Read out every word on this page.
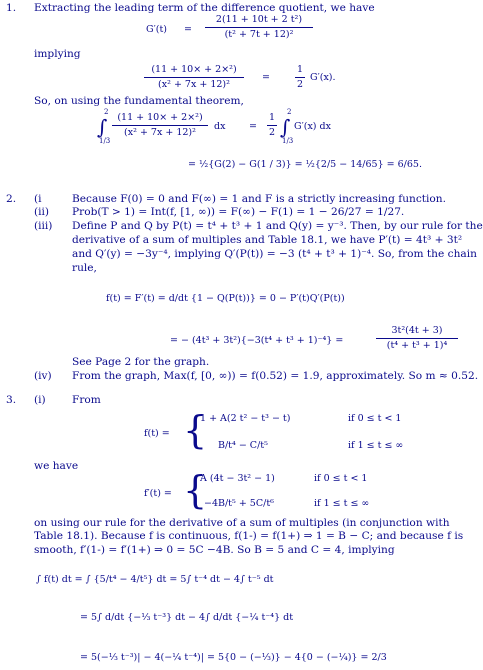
1. Extracting the leading term of the difference quotient, we have
G′(t) =
2(11 + 10t + 2 t²)
(t² + 7t + 12)²
implying
(11 + 10× + 2×²)
(x² + 7x + 12)²
=
1
2
G′(x).
So, on using the fundamental theorem,
∫
2
1/3
(11 + 10× + 2×²)
(x² + 7x + 12)²
dx =
1
2 ∫
2
1/3
G′(x) dx
= ½{G(2) − G(1 / 3)} = ½{2/5 − 14/65} = 6/65.
2. (i	Because F(0) = 0 and F(∞) = 1 and F is a strictly increasing function.
(ii) Prob(T > 1) = Int(f, [1, ∞)) = F(∞) − F(1) = 1 − 26/27 = 1/27.
(iii) Define P and Q by P(t) = t⁴ + t³ + 1 and Q(y) = y⁻³. Then, by our rule for the
derivative of a sum of multiples and Table 18.1, we have P′(t) = 4t³ + 3t²
and Q′(y) = −3y⁻⁴, implying Q′(P(t)) = −3 (t⁴ + t³ + 1)⁻⁴. So, from the chain
rule,
f(t) = F′(t) = d/dt {1 − Q(P(t))} = 0 − P′(t)Q′(P(t))
= − (4t³ + 3t²){−3(t⁴ + t³ + 1)⁻⁴} =
3t²(4t + 3)
(t⁴ + t³ + 1)⁴
See Page 2 for the graph.
(iv) From the graph, Max(f, [0, ∞)) = f(0.52) = 1.9, approximately. So m ≈ 0.52.
3. (i) From
f(t) = {
1 + A(2 t² − t³ − t)	if 0 ≤ t < 1
B/t⁴ − C/t⁵	if 1 ≤ t ≤ ∞
we have
f′(t) = {
A (4t − 3t² − 1)	if 0 ≤ t < 1
−4B/t⁵ + 5C/t⁶	if 1 ≤ t ≤ ∞
on using our rule for the derivative of a sum of multiples (in conjunction with
Table 18.1). Because f is continuous, f(1-) = f(1+) ⇒ 1 = B − C; and because f is
smooth, f′(1-) = f′(1+) ⇒ 0 = 5C −4B. So B = 5 and C = 4, implying
∫ f(t) dt = ∫ {5/t⁴ − 4/t⁵} dt = 5∫ t⁻⁴ dt − 4∫ t⁻⁵ dt
= 5∫ d/dt {−⅓ t⁻³} dt − 4∫ d/dt {−¼ t⁻⁴} dt
= 5(−⅓ t⁻³)| − 4(−¼ t⁻⁴)| = 5{0 − (−⅓)} − 4{0 − (−¼)} = 2/3
